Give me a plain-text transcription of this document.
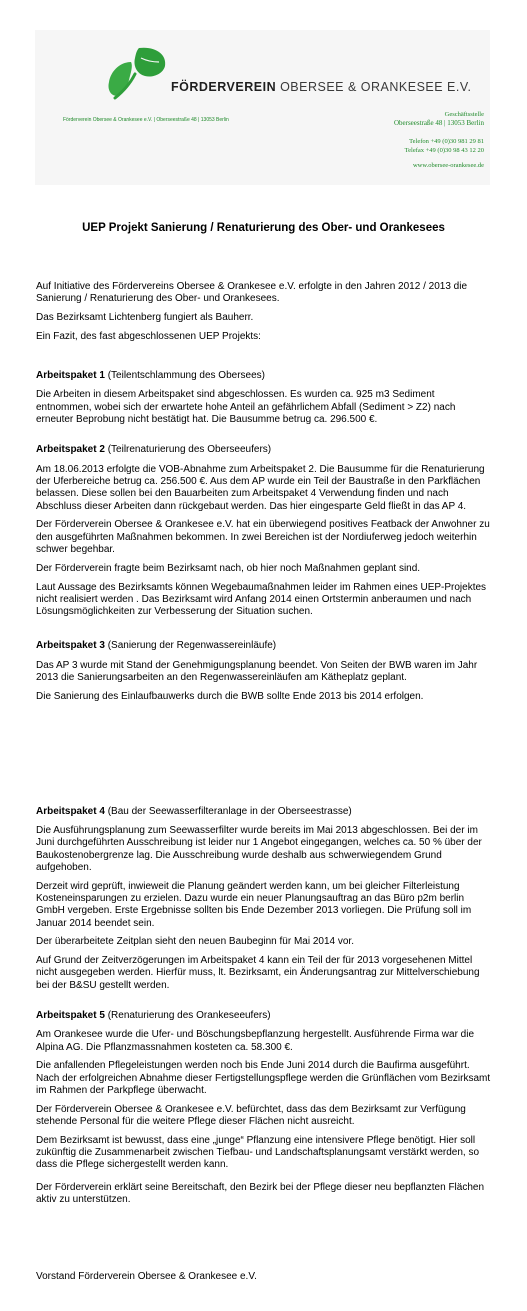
FÖRDERVEREIN OBERSEE & ORANKESEE E.V.
Förderverein Obersee & Orankesee e.V. | Oberseestraße 48 | 13053 Berlin
Geschäftsstelle
Oberseestraße 48 | 13053 Berlin
Telefon +49 (0)30 981 29 81
Telefax +49 (0)30 98 43 12 20
www.obersee-orankesee.de
UEP Projekt Sanierung / Renaturierung des Ober- und Orankesees

Auf Initiative des Fördervereins Obersee & Orankesee e.V. erfolgte in den Jahren 2012 / 2013 die Sanierung / Renaturierung des Ober- und Orankesees.

Das Bezirksamt Lichtenberg fungiert als Bauherr.

Ein Fazit, des fast abgeschlossenen UEP Projekts:

Arbeitspaket 1 (Teilentschlammung des Obersees)

Die Arbeiten in diesem Arbeitspaket sind abgeschlossen. Es wurden ca. 925 m3 Sediment entnommen, wobei sich der erwartete hohe Anteil an gefährlichem Abfall (Sediment > Z2) nach erneuter Beprobung nicht bestätigt hat. Die Bausumme betrug ca. 296.500 €.

Arbeitspaket 2 (Teilrenaturierung des Oberseeufers)

Am 18.06.2013 erfolgte die VOB-Abnahme zum Arbeitspaket 2. Die Bausumme für die Renaturierung der Uferbereiche betrug ca. 256.500 €. Aus dem AP wurde ein Teil der Baustraße in den Parkflächen belassen. Diese sollen bei den Bauarbeiten zum Arbeitspaket 4 Verwendung finden und nach Abschluss dieser Arbeiten dann rückgebaut werden. Das hier eingesparte Geld fließt in das AP 4.

Der Förderverein Obersee & Orankesee e.V. hat ein überwiegend positives Featback der Anwohner zu den ausgeführten Maßnahmen bekommen. In zwei Bereichen ist der Nordiuferweg jedoch weiterhin schwer begehbar.

Der Förderverein fragte beim Bezirksamt nach, ob hier noch Maßnahmen geplant sind.

Laut Aussage des Bezirksamts können Wegebaumaßnahmen leider im Rahmen eines UEP-Projektes nicht realisiert werden . Das Bezirksamt wird Anfang 2014 einen Ortstermin anberaumen und nach Lösungsmöglichkeiten zur Verbesserung der Situation suchen.

Arbeitspaket 3 (Sanierung der Regenwassereinläufe)

Das AP 3 wurde mit Stand der Genehmigungsplanung beendet. Von Seiten der BWB waren im Jahr 2013 die Sanierungsarbeiten an den Regenwassereinläufen am Kätheplatz geplant.

Die Sanierung des Einlaufbauwerks durch die BWB sollte Ende 2013 bis 2014 erfolgen.

Arbeitspaket 4 (Bau der Seewasserfilteranlage in der Oberseestrasse)

Die Ausführungsplanung zum Seewasserfilter wurde bereits im Mai 2013 abgeschlossen. Bei der im Juni durchgeführten Ausschreibung ist leider nur 1 Angebot eingegangen, welches ca. 50 % über der Baukostenobergrenze lag. Die Ausschreibung wurde deshalb aus schwerwiegendem Grund aufgehoben.

Derzeit wird geprüft, inwieweit die Planung geändert werden kann, um bei gleicher Filterleistung Kosteneinsparungen zu erzielen. Dazu wurde ein neuer Planungsauftrag an das Büro p2m berlin GmbH vergeben. Erste Ergebnisse sollten bis Ende Dezember 2013 vorliegen. Die Prüfung soll im Januar 2014 beendet sein.

Der überarbeitete Zeitplan sieht den neuen Baubeginn für Mai 2014 vor.

Auf Grund der Zeitverzögerungen im Arbeitspaket 4 kann ein Teil der für 2013 vorgesehenen Mittel nicht ausgegeben werden. Hierfür muss, lt. Bezirksamt, ein Änderungsantrag zur Mittelverschiebung bei der B&SU gestellt werden.

Arbeitspaket 5 (Renaturierung des Orankeseeufers)

Am Orankesee wurde die Ufer- und Böschungsbepflanzung hergestellt. Ausführende Firma war die Alpina AG. Die Pflanzmassnahmen kosteten ca. 58.300 €.

Die anfallenden Pflegeleistungen werden noch bis Ende Juni 2014 durch die Baufirma ausgeführt. Nach der erfolgreichen Abnahme dieser Fertigstellungspflege werden die Grünflächen vom Bezirksamt im Rahmen der Parkpflege überwacht.

Der Förderverein Obersee & Orankesee e.V. befürchtet, dass das dem Bezirksamt zur Verfügung stehende Personal für die weitere Pflege dieser Flächen nicht ausreicht.

Dem Bezirksamt ist bewusst, dass eine „junge“ Pflanzung eine intensivere Pflege benötigt. Hier soll zukünftig die Zusammenarbeit zwischen Tiefbau- und Landschaftsplanungsamt verstärkt werden, so dass die Pflege sichergestellt werden kann.

Der Förderverein erklärt seine Bereitschaft, den Bezirk bei der Pflege dieser neu bepflanzten Flächen aktiv zu unterstützen.

Vorstand Förderverein Obersee & Orankesee e.V.
